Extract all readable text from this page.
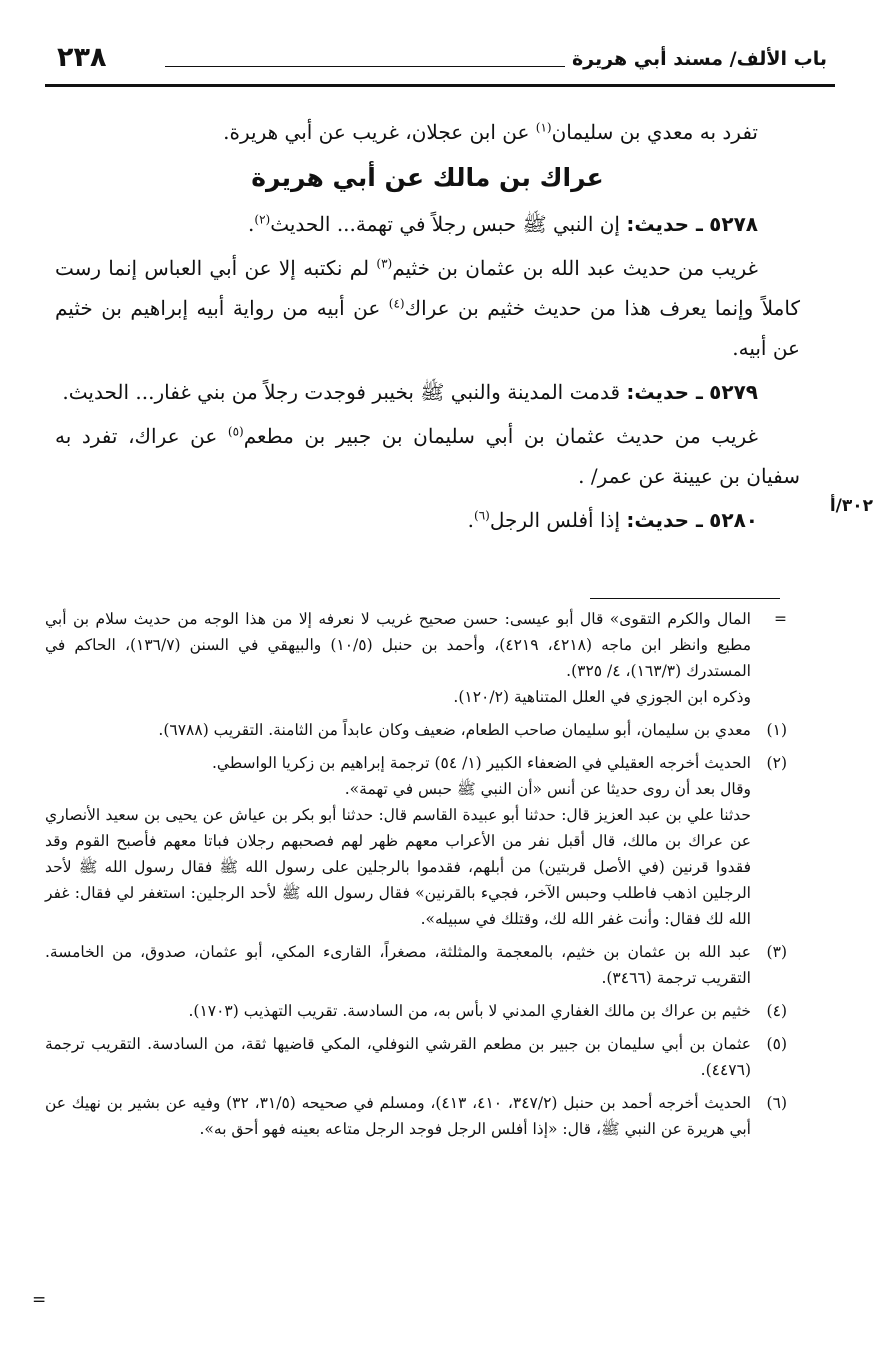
باب الألف/ مسند أبي هريرة
٢٣٨

تفرد به معدي بن سليمان$^{(١)}$ عن ابن عجلان، غريب عن أبي هريرة.

عراك بن مالك عن أبي هريرة

٥٢٧٨ ـ حديث: إن النبي ﷺ حبس رجلاً في تهمة... الحديث$^{(٢)}$.

غريب من حديث عبد الله بن عثمان بن خثيم$^{(٣)}$ لم نكتبه إلا عن أبي العباس إنما رست كاملاً وإنما يعرف هذا من حديث خثيم بن عراك$^{(٤)}$ عن أبيه من رواية أبيه إبراهيم بن خثيم عن أبيه.

٥٢٧٩ ـ حديث: قدمت المدينة والنبي ﷺ بخيبر فوجدت رجلاً من بني غفار... الحديث.

غريب من حديث عثمان بن أبي سليمان بن جبير بن مطعم$^{(٥)}$ عن عراك، تفرد به سفيان بن عيينة عن عمر/ .

٥٢٨٠ ـ حديث: إذا أفلس الرجل$^{(٦)}$.

٣٠٢/أ
=

المال والكرم التقوى» قال أبو عيسى: حسن صحيح غريب لا نعرفه إلا من هذا الوجه من حديث سلام بن أبي مطيع وانظر ابن ماجه (٤٢١٨، ٤٢١٩)، وأحمد بن حنبل (١٠/٥) والبيهقي في السنن (١٣٦/٧)، الحاكم في المستدرك (١٦٣/٣)، ٤/ ٣٢٥).

وذكره ابن الجوزي في العلل المتناهية (١٢٠/٢).

(١)

معدي بن سليمان، أبو سليمان صاحب الطعام، ضعيف وكان عابداً من الثامنة. التقريب (٦٧٨٨).

(٢)

الحديث أخرجه العقيلي في الضعفاء الكبير (١/ ٥٤) ترجمة إبراهيم بن زكريا الواسطي.

وقال بعد أن روى حديثا عن أنس «أن النبي ﷺ حبس في تهمة».

حدثنا علي بن عبد العزيز قال: حدثنا أبو عبيدة القاسم قال: حدثنا أبو بكر بن عياش عن يحيى بن سعيد الأنصاري عن عراك بن مالك، قال أقبل نفر من الأعراب معهم ظهر لهم فصحبهم رجلان فباتا معهم فأصبح القوم وقد فقدوا قرنين (في الأصل قربتين) من أبلهم، فقدموا بالرجلين على رسول الله ﷺ فقال رسول الله ﷺ لأحد الرجلين اذهب فاطلب وحبس الآخر، فجيء بالقرنين» فقال رسول الله ﷺ لأحد الرجلين: استغفر لي فقال: غفر الله لك فقال: وأنت غفر الله لك، وقتلك في سبيله».

(٣)

عبد الله بن عثمان بن خثيم، بالمعجمة والمثلثة، مصغراً، القارىء المكي، أبو عثمان، صدوق، من الخامسة. التقريب ترجمة (٣٤٦٦).

(٤)

خثيم بن عراك بن مالك الغفاري المدني لا بأس به، من السادسة. تقريب التهذيب (١٧٠٣).

(٥)

عثمان بن أبي سليمان بن جبير بن مطعم القرشي النوفلي، المكي قاضيها ثقة، من السادسة. التقريب ترجمة (٤٤٧٦).

(٦)

الحديث أخرجه أحمد بن حنبل (٣٤٧/٢، ٤١٠، ٤١٣)، ومسلم في صحيحه (٣١/٥، ٣٢) وفيه عن بشير بن نهيك عن أبي هريرة عن النبي ﷺ، قال: «إذا أفلس الرجل فوجد الرجل متاعه بعينه فهو أحق به».

=
